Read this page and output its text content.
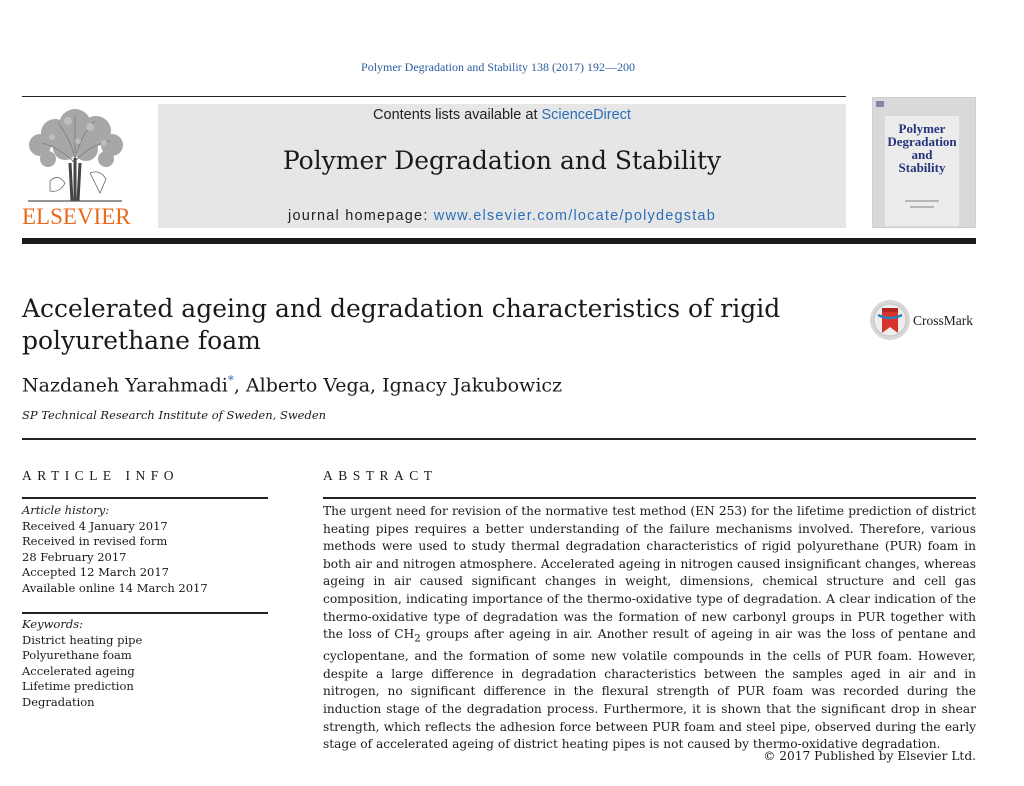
Polymer Degradation and Stability 138 (2017) 192—200
ELSEVIER
Contents lists available at ScienceDirect
Polymer Degradation and Stability
journal homepage: www.elsevier.com/locate/polydegstab
Polymer
Degradation
and
Stability
Accelerated ageing and degradation characteristics of rigid polyurethane foam
CrossMark
Nazdaneh Yarahmadi*, Alberto Vega, Ignacy Jakubowicz
SP Technical Research Institute of Sweden, Sweden
ARTICLE INFO	ABSTRACT
Article history:
Received 4 January 2017
Received in revised form
28 February 2017
Accepted 12 March 2017
Available online 14 March 2017
Keywords:
District heating pipe
Polyurethane foam
Accelerated ageing
Lifetime prediction
Degradation
The urgent need for revision of the normative test method (EN 253) for the lifetime prediction of district heating pipes requires a better understanding of the failure mechanisms involved. Therefore, various methods were used to study thermal degradation characteristics of rigid polyurethane (PUR) foam in both air and nitrogen atmosphere. Accelerated ageing in nitrogen caused insignificant changes, whereas ageing in air caused significant changes in weight, dimensions, chemical structure and cell gas composition, indicating importance of the thermo-oxidative type of degradation. A clear indication of the thermo-oxidative type of degradation was the formation of new carbonyl groups in PUR together with the loss of $CH_2$ groups after ageing in air. Another result of ageing in air was the loss of pentane and cyclopentane, and the formation of some new volatile compounds in the cells of PUR foam. However, despite a large difference in degradation characteristics between the samples aged in air and in nitrogen, no significant difference in the flexural strength of PUR foam was recorded during the induction stage of the degradation process. Furthermore, it is shown that the significant drop in shear strength, which reflects the adhesion force between PUR foam and steel pipe, observed during the early stage of accelerated ageing of district heating pipes is not caused by thermo-oxidative degradation.
© 2017 Published by Elsevier Ltd.
